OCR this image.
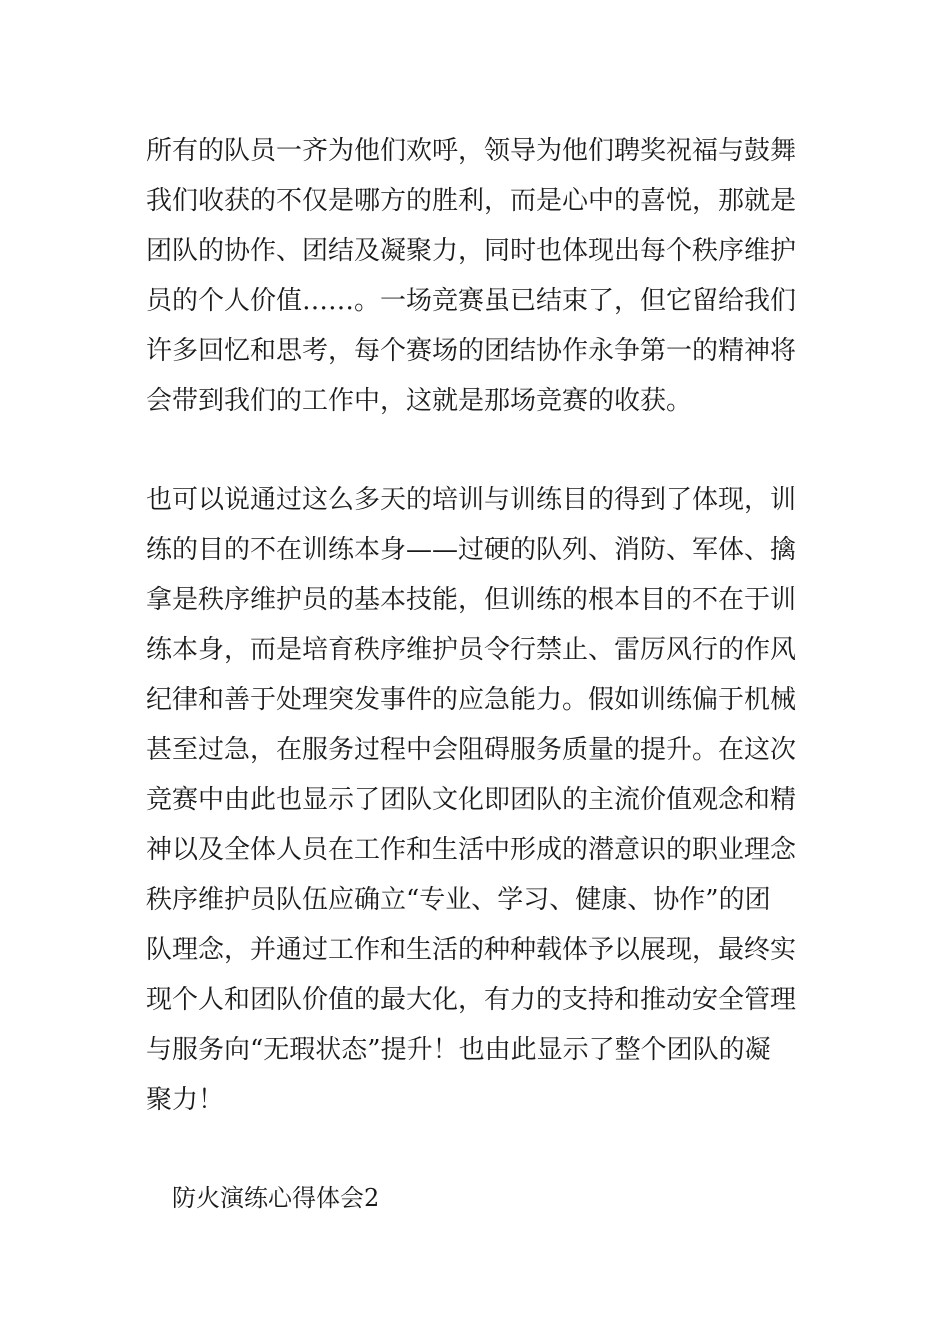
所有的队员一齐为他们欢呼，领导为他们聘奖祝福与鼓舞

我们收获的不仅是哪方的胜利，而是心中的喜悦，那就是

团队的协作、团结及凝聚力，同时也体现出每个秩序维护

员的个人价值……。一场竞赛虽已结束了，但它留给我们

许多回忆和思考，每个赛场的团结协作永争第一的精神将

会带到我们的工作中，这就是那场竞赛的收获。

也可以说通过这么多天的培训与训练目的得到了体现，训

练的目的不在训练本身——过硬的队列、消防、军体、擒

拿是秩序维护员的基本技能，但训练的根本目的不在于训

练本身，而是培育秩序维护员令行禁止、雷厉风行的作风

纪律和善于处理突发事件的应急能力。假如训练偏于机械

甚至过急，在服务过程中会阻碍服务质量的提升。在这次

竞赛中由此也显示了团队文化即团队的主流价值观念和精

神以及全体人员在工作和生活中形成的潜意识的职业理念

秩序维护员队伍应确立“专业、学习、健康、协作”的团

队理念，并通过工作和生活的种种载体予以展现，最终实

现个人和团队价值的最大化，有力的支持和推动安全管理

与服务向“无瑕状态”提升！也由此显示了整个团队的凝

聚力！

防火演练心得体会2
